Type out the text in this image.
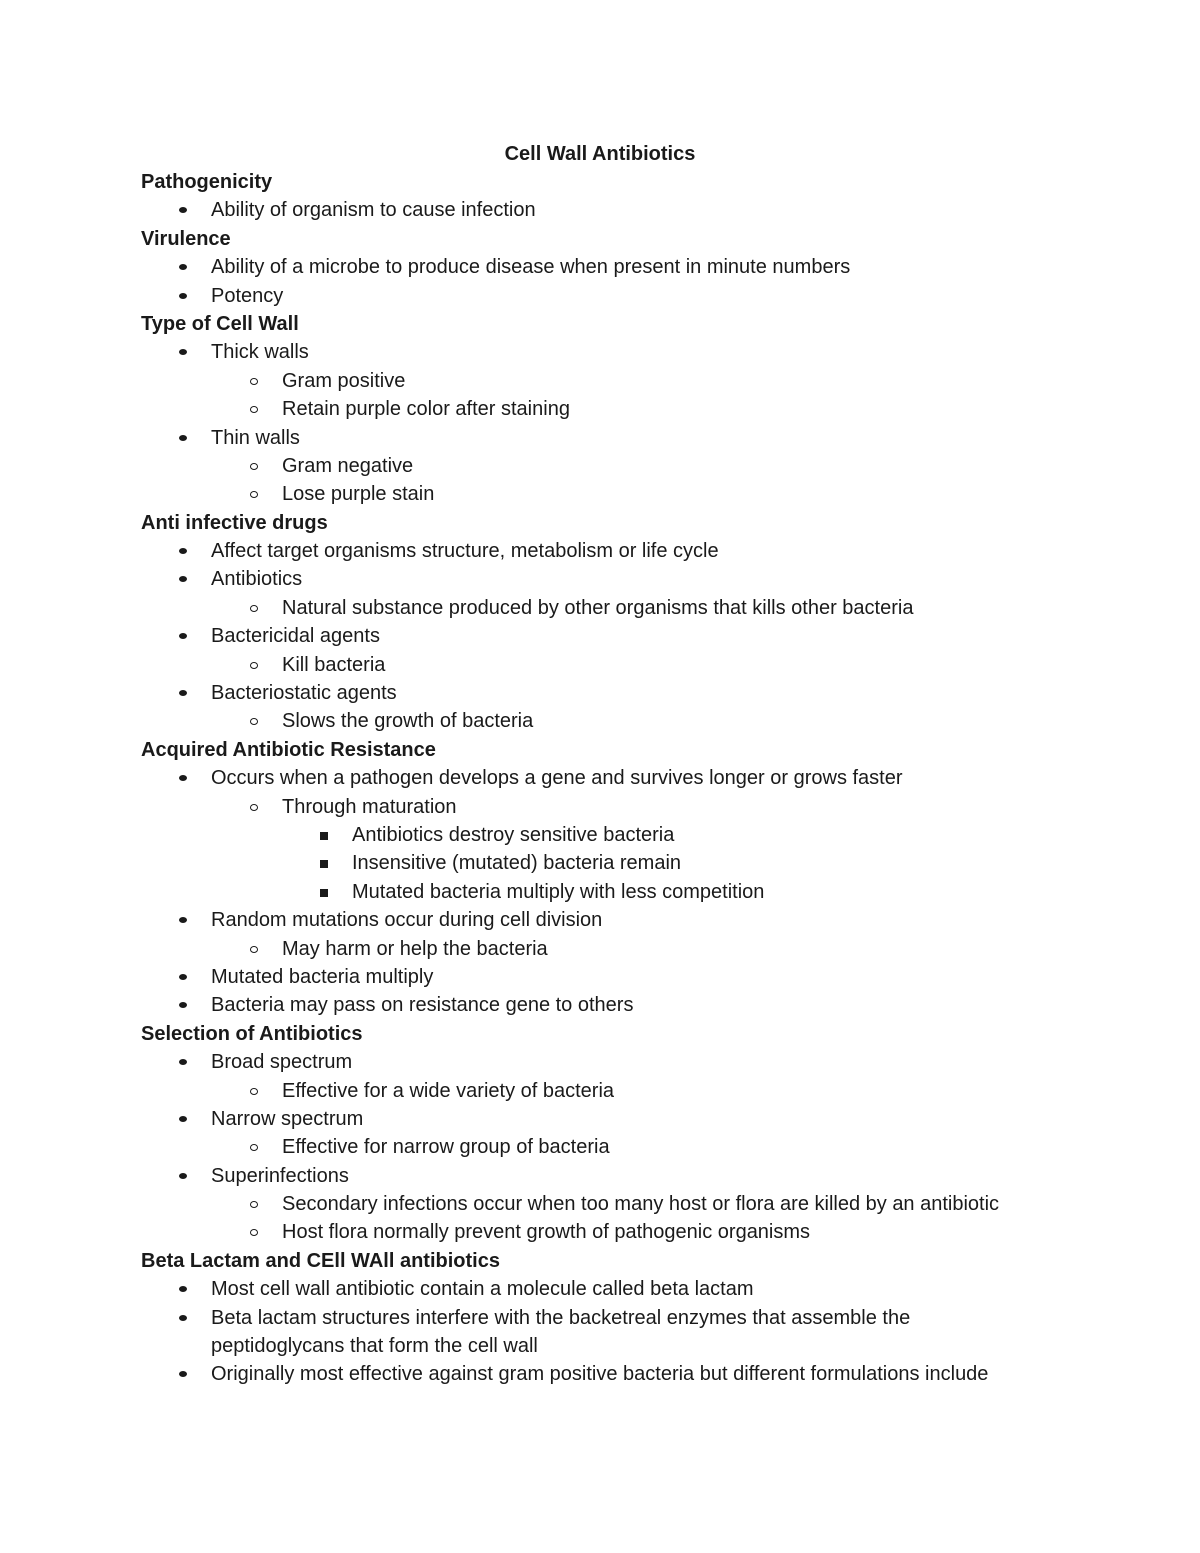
Cell Wall Antibiotics
Pathogenicity
Ability of organism to cause infection
Virulence
Ability of a microbe to produce disease when present in minute numbers
Potency
Type of Cell Wall
Thick walls
Gram positive
Retain purple color after staining
Thin walls
Gram negative
Lose purple stain
Anti infective drugs
Affect target organisms structure, metabolism or life cycle
Antibiotics
Natural substance produced by other organisms that kills other bacteria
Bactericidal agents
Kill bacteria
Bacteriostatic agents
Slows the growth of bacteria
Acquired Antibiotic Resistance
Occurs when a pathogen develops a gene and survives longer or grows faster
Through maturation
Antibiotics destroy sensitive bacteria
Insensitive (mutated) bacteria remain
Mutated bacteria multiply with less competition
Random mutations occur during cell division
May harm or help the bacteria
Mutated bacteria multiply
Bacteria may pass on resistance gene to others
Selection of Antibiotics
Broad spectrum
Effective for a wide variety of bacteria
Narrow spectrum
Effective for narrow group of bacteria
Superinfections
Secondary infections occur when too many host or flora are killed by an antibiotic
Host flora normally prevent growth of pathogenic organisms
Beta Lactam and CEll WAll antibiotics
Most cell wall antibiotic contain a molecule called beta lactam
Beta lactam structures interfere with the backetreal enzymes that assemble the
peptidoglycans that form the cell wall
Originally most effective against gram positive bacteria but different formulations include
